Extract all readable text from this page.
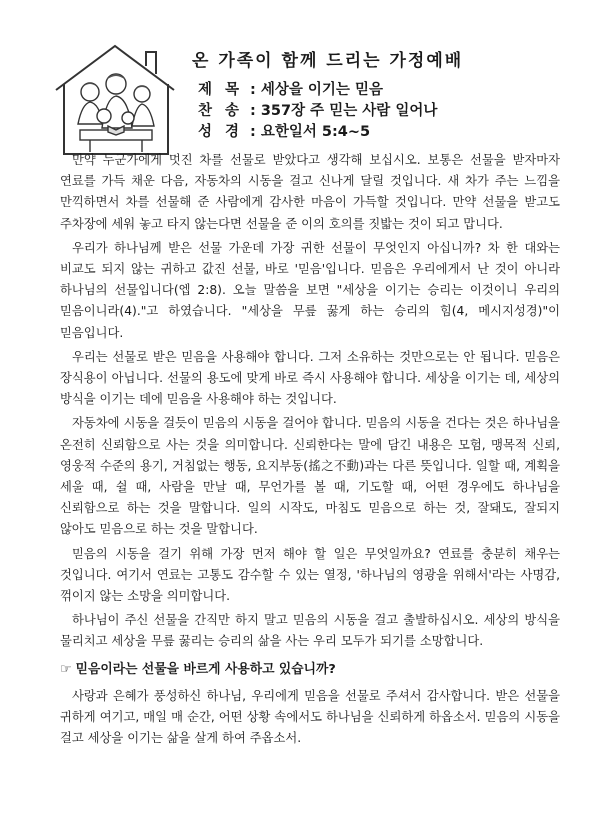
온 가족이 함께 드리는 가정예배
제 목 : 세상을 이기는 믿음
찬 송 : 357장 주 믿는 사람 일어나
성 경 : 요한일서 5:4~5

만약 누군가에게 멋진 차를 선물로 받았다고 생각해 보십시오. 보통은 선물을 받자마자 연료를 가득 채운 다음, 자동차의 시동을 걸고 신나게 달릴 것입니다. 새 차가 주는 느낌을 만끽하면서 차를 선물해 준 사람에게 감사한 마음이 가득할 것입니다. 만약 선물을 받고도 주차장에 세워 놓고 타지 않는다면 선물을 준 이의 호의를 짓밟는 것이 되고 맙니다.

우리가 하나님께 받은 선물 가운데 가장 귀한 선물이 무엇인지 아십니까? 차 한 대와는 비교도 되지 않는 귀하고 값진 선물, 바로 '믿음'입니다. 믿음은 우리에게서 난 것이 아니라 하나님의 선물입니다(엡 2:8). 오늘 말씀을 보면 "세상을 이기는 승리는 이것이니 우리의 믿음이니라(4)."고 하였습니다. "세상을 무릎 꿇게 하는 승리의 힘(4, 메시지성경)"이 믿음입니다.

우리는 선물로 받은 믿음을 사용해야 합니다. 그저 소유하는 것만으로는 안 됩니다. 믿음은 장식용이 아닙니다. 선물의 용도에 맞게 바로 즉시 사용해야 합니다. 세상을 이기는 데, 세상의 방식을 이기는 데에 믿음을 사용해야 하는 것입니다.

자동차에 시동을 걸듯이 믿음의 시동을 걸어야 합니다. 믿음의 시동을 건다는 것은 하나님을 온전히 신뢰함으로 사는 것을 의미합니다. 신뢰한다는 말에 담긴 내용은 모험, 맹목적 신뢰, 영웅적 수준의 용기, 거침없는 행동, 요지부동(搖之不動)과는 다른 뜻입니다. 일할 때, 계획을 세울 때, 쉴 때, 사람을 만날 때, 무언가를 볼 때, 기도할 때, 어떤 경우에도 하나님을 신뢰함으로 하는 것을 말합니다. 일의 시작도, 마침도 믿음으로 하는 것, 잘돼도, 잘되지 않아도 믿음으로 하는 것을 말합니다.

믿음의 시동을 걸기 위해 가장 먼저 해야 할 일은 무엇일까요? 연료를 충분히 채우는 것입니다. 여기서 연료는 고통도 감수할 수 있는 열정, '하나님의 영광을 위해서'라는 사명감, 꺾이지 않는 소망을 의미합니다.

하나님이 주신 선물을 간직만 하지 말고 믿음의 시동을 걸고 출발하십시오. 세상의 방식을 물리치고 세상을 무릎 꿇리는 승리의 삶을 사는 우리 모두가 되기를 소망합니다.

☞ 믿음이라는 선물을 바르게 사용하고 있습니까?

사랑과 은혜가 풍성하신 하나님, 우리에게 믿음을 선물로 주셔서 감사합니다. 받은 선물을 귀하게 여기고, 매일 매 순간, 어떤 상황 속에서도 하나님을 신뢰하게 하옵소서. 믿음의 시동을 걸고 세상을 이기는 삶을 살게 하여 주옵소서.
